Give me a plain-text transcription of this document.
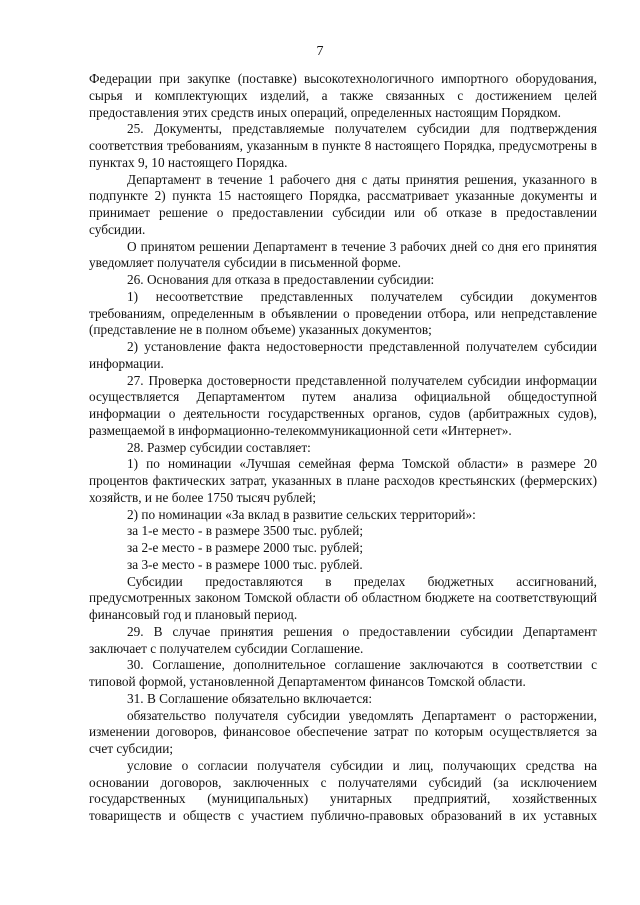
7

Федерации при закупке (поставке) высокотехнологичного импортного оборудования, сырья и комплектующих изделий, а также связанных с достижением целей предоставления этих средств иных операций, определенных настоящим Порядком.

25. Документы, представляемые получателем субсидии для подтверждения соответствия требованиям, указанным в пункте 8 настоящего Порядка, предусмотрены в пунктах 9, 10 настоящего Порядка.

Департамент в течение 1 рабочего дня с даты принятия решения, указанного в подпункте 2) пункта 15 настоящего Порядка, рассматривает указанные документы и принимает решение о предоставлении субсидии или об отказе в предоставлении субсидии.

О принятом решении Департамент в течение 3 рабочих дней со дня его принятия уведомляет получателя субсидии в письменной форме.

26. Основания для отказа в предоставлении субсидии:

1) несоответствие представленных получателем субсидии документов требованиям, определенным в объявлении о проведении отбора, или непредставление (представление не в полном объеме) указанных документов;

2) установление факта недостоверности представленной получателем субсидии информации.

27. Проверка достоверности представленной получателем субсидии информации осуществляется Департаментом путем анализа официальной общедоступной информации о деятельности государственных органов, судов (арбитражных судов), размещаемой в информационно-телекоммуникационной сети «Интернет».

28. Размер субсидии составляет:

1) по номинации «Лучшая семейная ферма Томской области» в размере 20 процентов фактических затрат, указанных в плане расходов крестьянских (фермерских) хозяйств, и не более 1750 тысяч рублей;

2) по номинации «За вклад в развитие сельских территорий»:

за 1-е место - в размере 3500 тыс. рублей;

за 2-е место - в размере 2000 тыс. рублей;

за 3-е место - в размере 1000 тыс. рублей.

Субсидии предоставляются в пределах бюджетных ассигнований, предусмотренных законом Томской области об областном бюджете на соответствующий финансовый год и плановый период.

29. В случае принятия решения о предоставлении субсидии Департамент заключает с получателем субсидии Соглашение.

30. Соглашение, дополнительное соглашение заключаются в соответствии с типовой формой, установленной Департаментом финансов Томской области.

31. В Соглашение обязательно включается:

обязательство получателя субсидии уведомлять Департамент о расторжении, изменении договоров, финансовое обеспечение затрат по которым осуществляется за счет субсидии;

условие о согласии получателя субсидии и лиц, получающих средства на основании договоров, заключенных с получателями субсидий (за исключением государственных (муниципальных) унитарных предприятий, хозяйственных товариществ и обществ с участием публично-правовых образований в их уставных
